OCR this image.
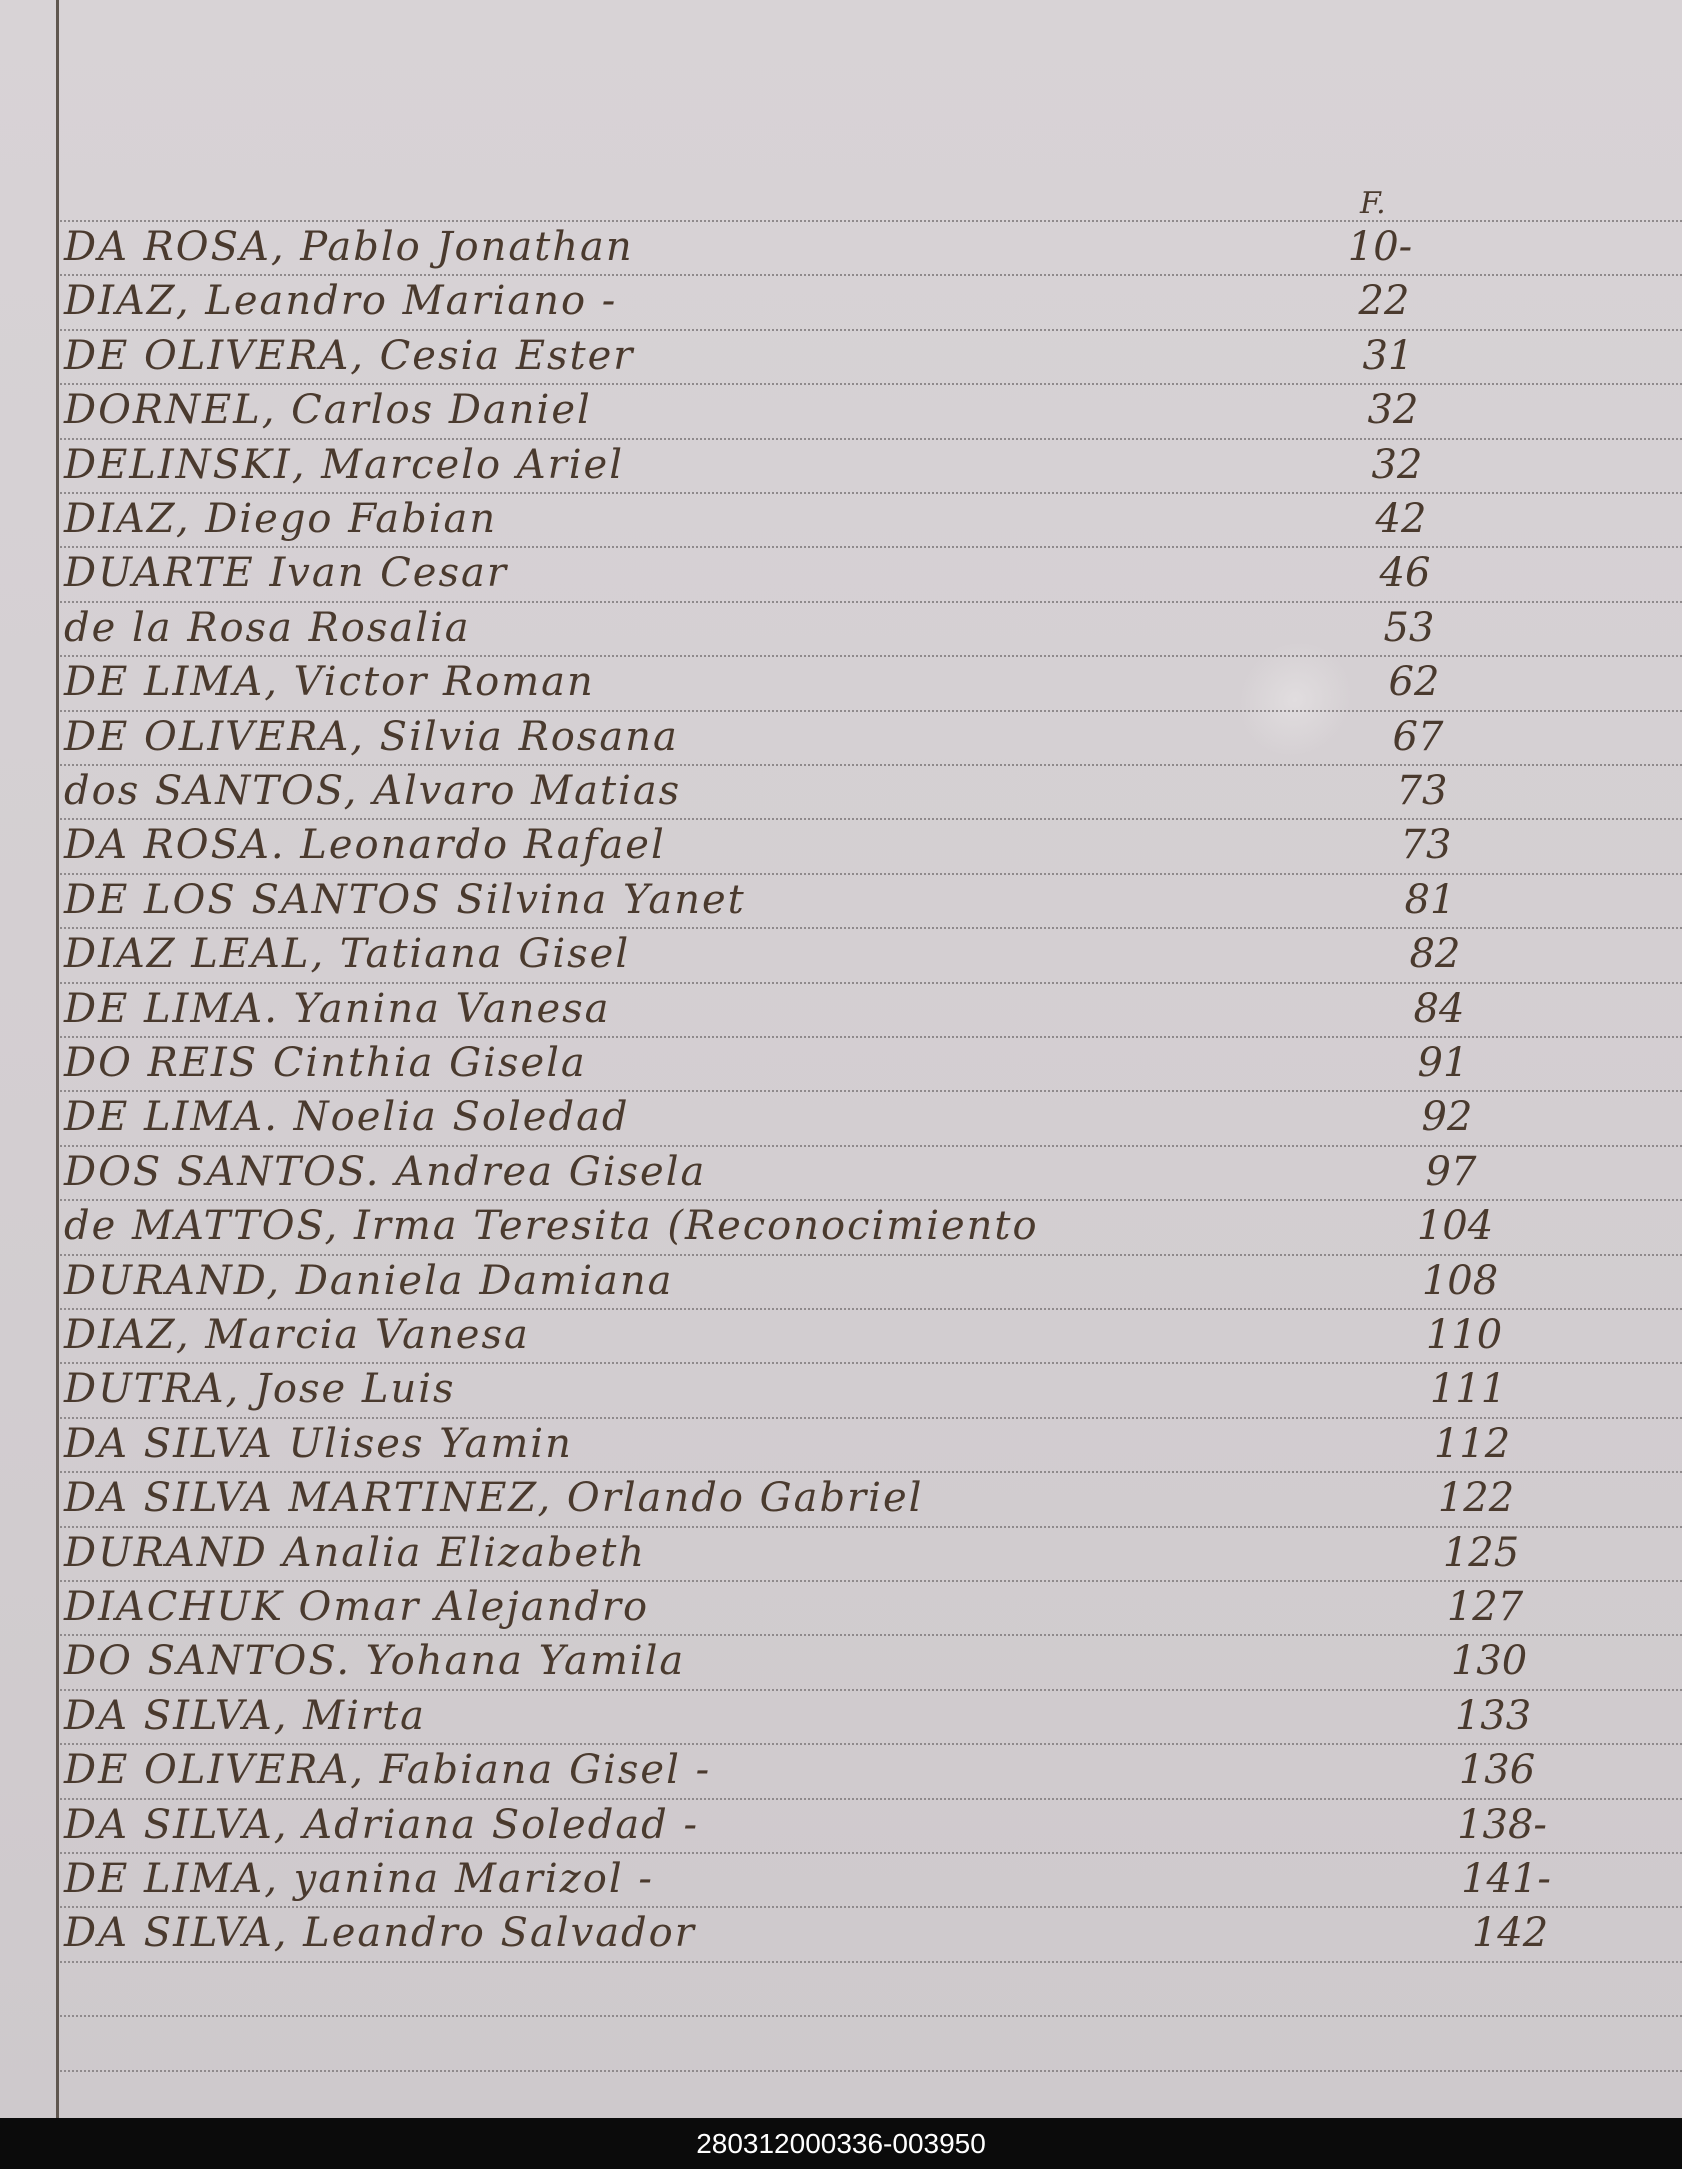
F.
DA ROSA, Pablo Jonathan	10-
DIAZ, Leandro Mariano -	22
DE OLIVERA, Cesia Ester	31
DORNEL, Carlos Daniel	32
DELINSKI, Marcelo Ariel	32
DIAZ, Diego Fabian	42
DUARTE Ivan Cesar	46
de la Rosa Rosalia	53
DE LIMA, Victor Roman	62
DE OLIVERA, Silvia Rosana	67
dos SANTOS, Alvaro Matias	73
DA ROSA. Leonardo Rafael	73
DE LOS SANTOS Silvina Yanet	81
DIAZ LEAL, Tatiana Gisel	82
DE LIMA. Yanina Vanesa	84
DO REIS Cinthia Gisela	91
DE LIMA. Noelia Soledad	92
DOS SANTOS. Andrea Gisela	97
de MATTOS, Irma Teresita (Reconocimiento	104
DURAND, Daniela Damiana	108
DIAZ, Marcia Vanesa	110
DUTRA, Jose Luis	111
DA SILVA Ulises Yamin	112
DA SILVA MARTINEZ, Orlando Gabriel	122
DURAND Analia Elizabeth	125
DIACHUK Omar Alejandro	127
DO SANTOS. Yohana Yamila	130
DA SILVA, Mirta	133
DE OLIVERA, Fabiana Gisel -	136
DA SILVA, Adriana Soledad -	138-
DE LIMA, yanina Marizol -	141-
DA SILVA, Leandro Salvador	142
280312000336-003950
